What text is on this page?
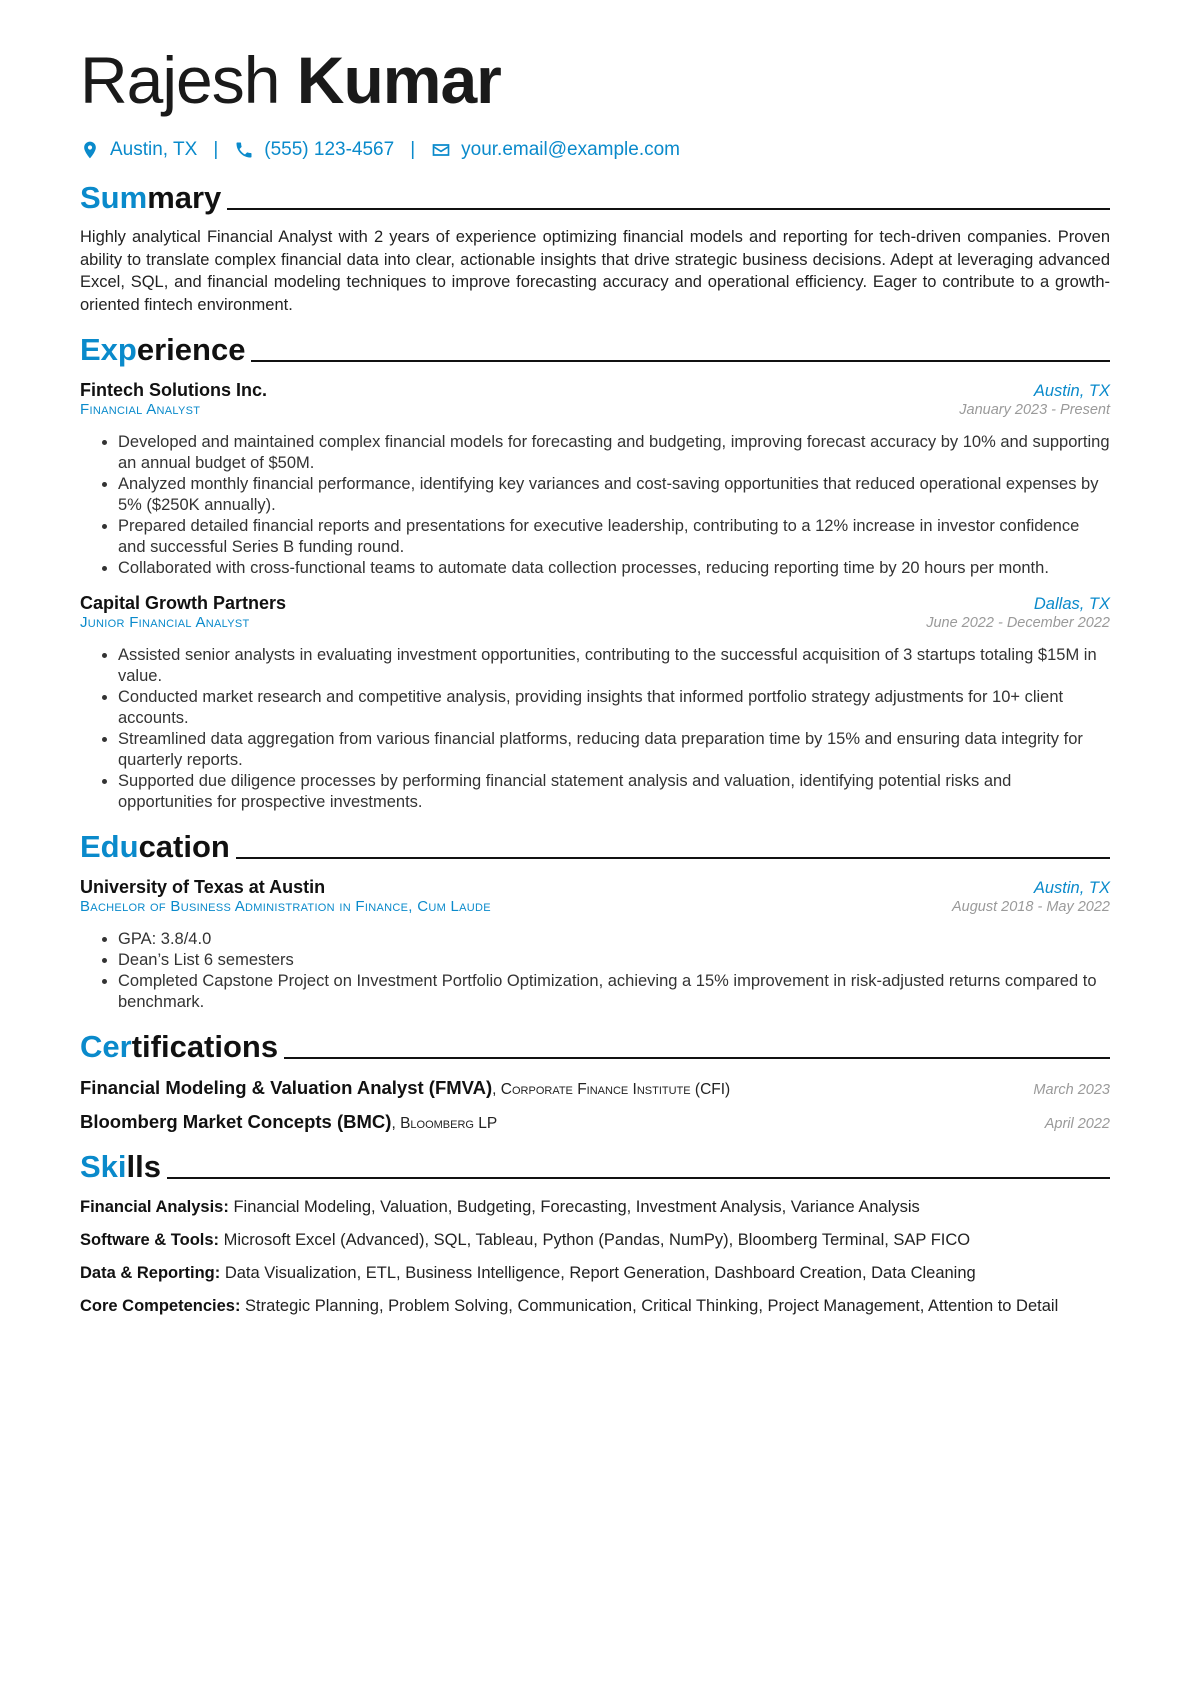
Rajesh Kumar
Austin, TX | (555) 123-4567 | your.email@example.com
Summary
Highly analytical Financial Analyst with 2 years of experience optimizing financial models and reporting for tech-driven companies. Proven ability to translate complex financial data into clear, actionable insights that drive strategic business decisions. Adept at leveraging advanced Excel, SQL, and financial modeling techniques to improve forecasting accuracy and operational efficiency. Eager to contribute to a growth-oriented fintech environment.
Experience
Fintech Solutions Inc.	Austin, TX
Financial Analyst	January 2023 - Present
• Developed and maintained complex financial models for forecasting and budgeting, improving forecast accuracy by 10% and supporting an annual budget of $50M.
• Analyzed monthly financial performance, identifying key variances and cost-saving opportunities that reduced operational expenses by 5% ($250K annually).
• Prepared detailed financial reports and presentations for executive leadership, contributing to a 12% increase in investor confidence and successful Series B funding round.
• Collaborated with cross-functional teams to automate data collection processes, reducing reporting time by 20 hours per month.
Capital Growth Partners	Dallas, TX
Junior Financial Analyst	June 2022 - December 2022
• Assisted senior analysts in evaluating investment opportunities, contributing to the successful acquisition of 3 startups totaling $15M in value.
• Conducted market research and competitive analysis, providing insights that informed portfolio strategy adjustments for 10+ client accounts.
• Streamlined data aggregation from various financial platforms, reducing data preparation time by 15% and ensuring data integrity for quarterly reports.
• Supported due diligence processes by performing financial statement analysis and valuation, identifying potential risks and opportunities for prospective investments.
Education
University of Texas at Austin	Austin, TX
Bachelor of Business Administration in Finance, Cum Laude	August 2018 - May 2022
• GPA: 3.8/4.0
• Dean’s List 6 semesters
• Completed Capstone Project on Investment Portfolio Optimization, achieving a 15% improvement in risk-adjusted returns compared to benchmark.
Certifications
Financial Modeling & Valuation Analyst (FMVA), Corporate Finance Institute (CFI)	March 2023
Bloomberg Market Concepts (BMC), Bloomberg LP	April 2022
Skills
Financial Analysis: Financial Modeling, Valuation, Budgeting, Forecasting, Investment Analysis, Variance Analysis
Software & Tools: Microsoft Excel (Advanced), SQL, Tableau, Python (Pandas, NumPy), Bloomberg Terminal, SAP FICO
Data & Reporting: Data Visualization, ETL, Business Intelligence, Report Generation, Dashboard Creation, Data Cleaning
Core Competencies: Strategic Planning, Problem Solving, Communication, Critical Thinking, Project Management, Attention to Detail
